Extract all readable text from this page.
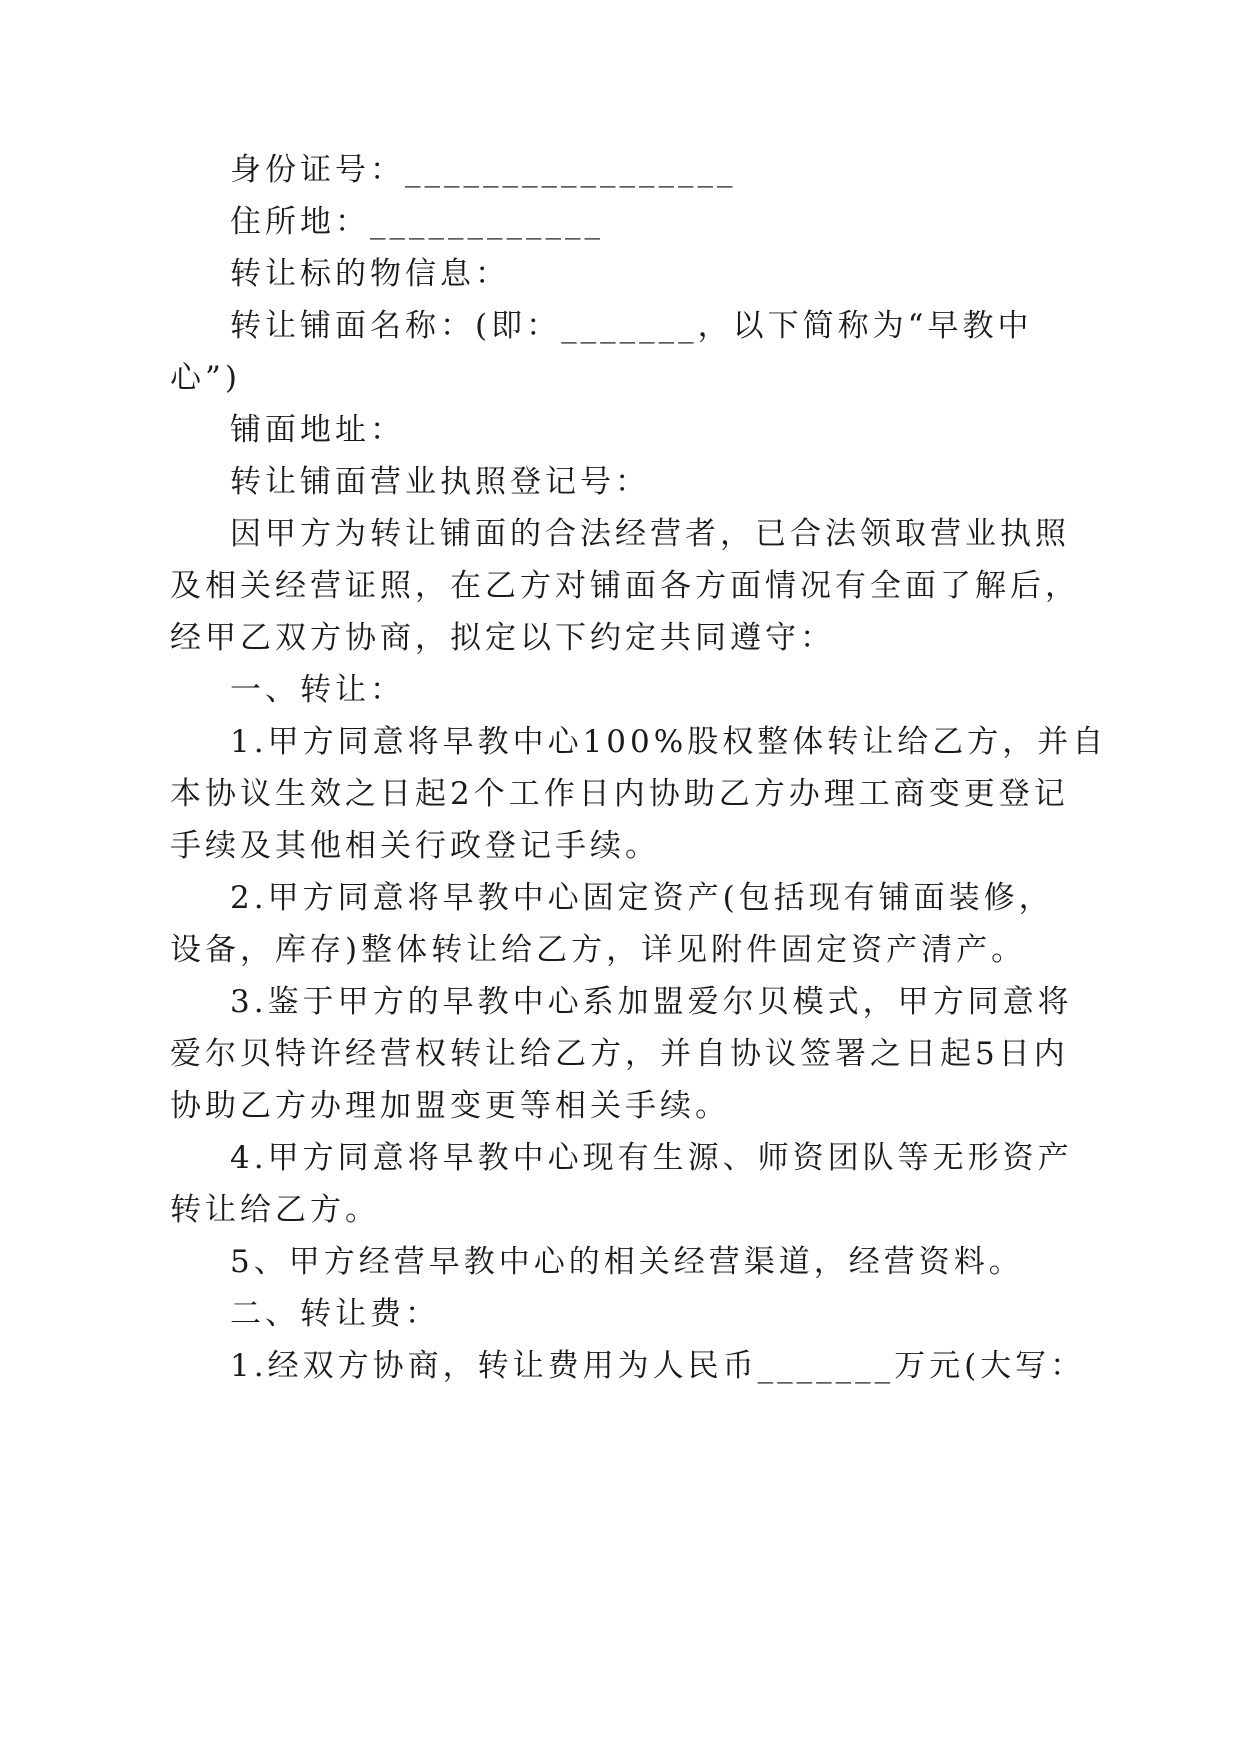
身份证号：_________________
住所地：____________
转让标的物信息：
转让铺面名称：(即：_______，以下简称为“早教中
心”)
铺面地址：
转让铺面营业执照登记号：
因甲方为转让铺面的合法经营者，已合法领取营业执照
及相关经营证照，在乙方对铺面各方面情况有全面了解后，
经甲乙双方协商，拟定以下约定共同遵守：
一、转让：
1.甲方同意将早教中心100%股权整体转让给乙方，并自
本协议生效之日起2个工作日内协助乙方办理工商变更登记
手续及其他相关行政登记手续。
2.甲方同意将早教中心固定资产(包括现有铺面装修，
设备，库存)整体转让给乙方，详见附件固定资产清产。
3.鉴于甲方的早教中心系加盟爱尔贝模式，甲方同意将
爱尔贝特许经营权转让给乙方，并自协议签署之日起5日内
协助乙方办理加盟变更等相关手续。
4.甲方同意将早教中心现有生源、师资团队等无形资产
转让给乙方。
5、甲方经营早教中心的相关经营渠道，经营资料。
二、转让费：
1.经双方协商，转让费用为人民币_______万元(大写：
